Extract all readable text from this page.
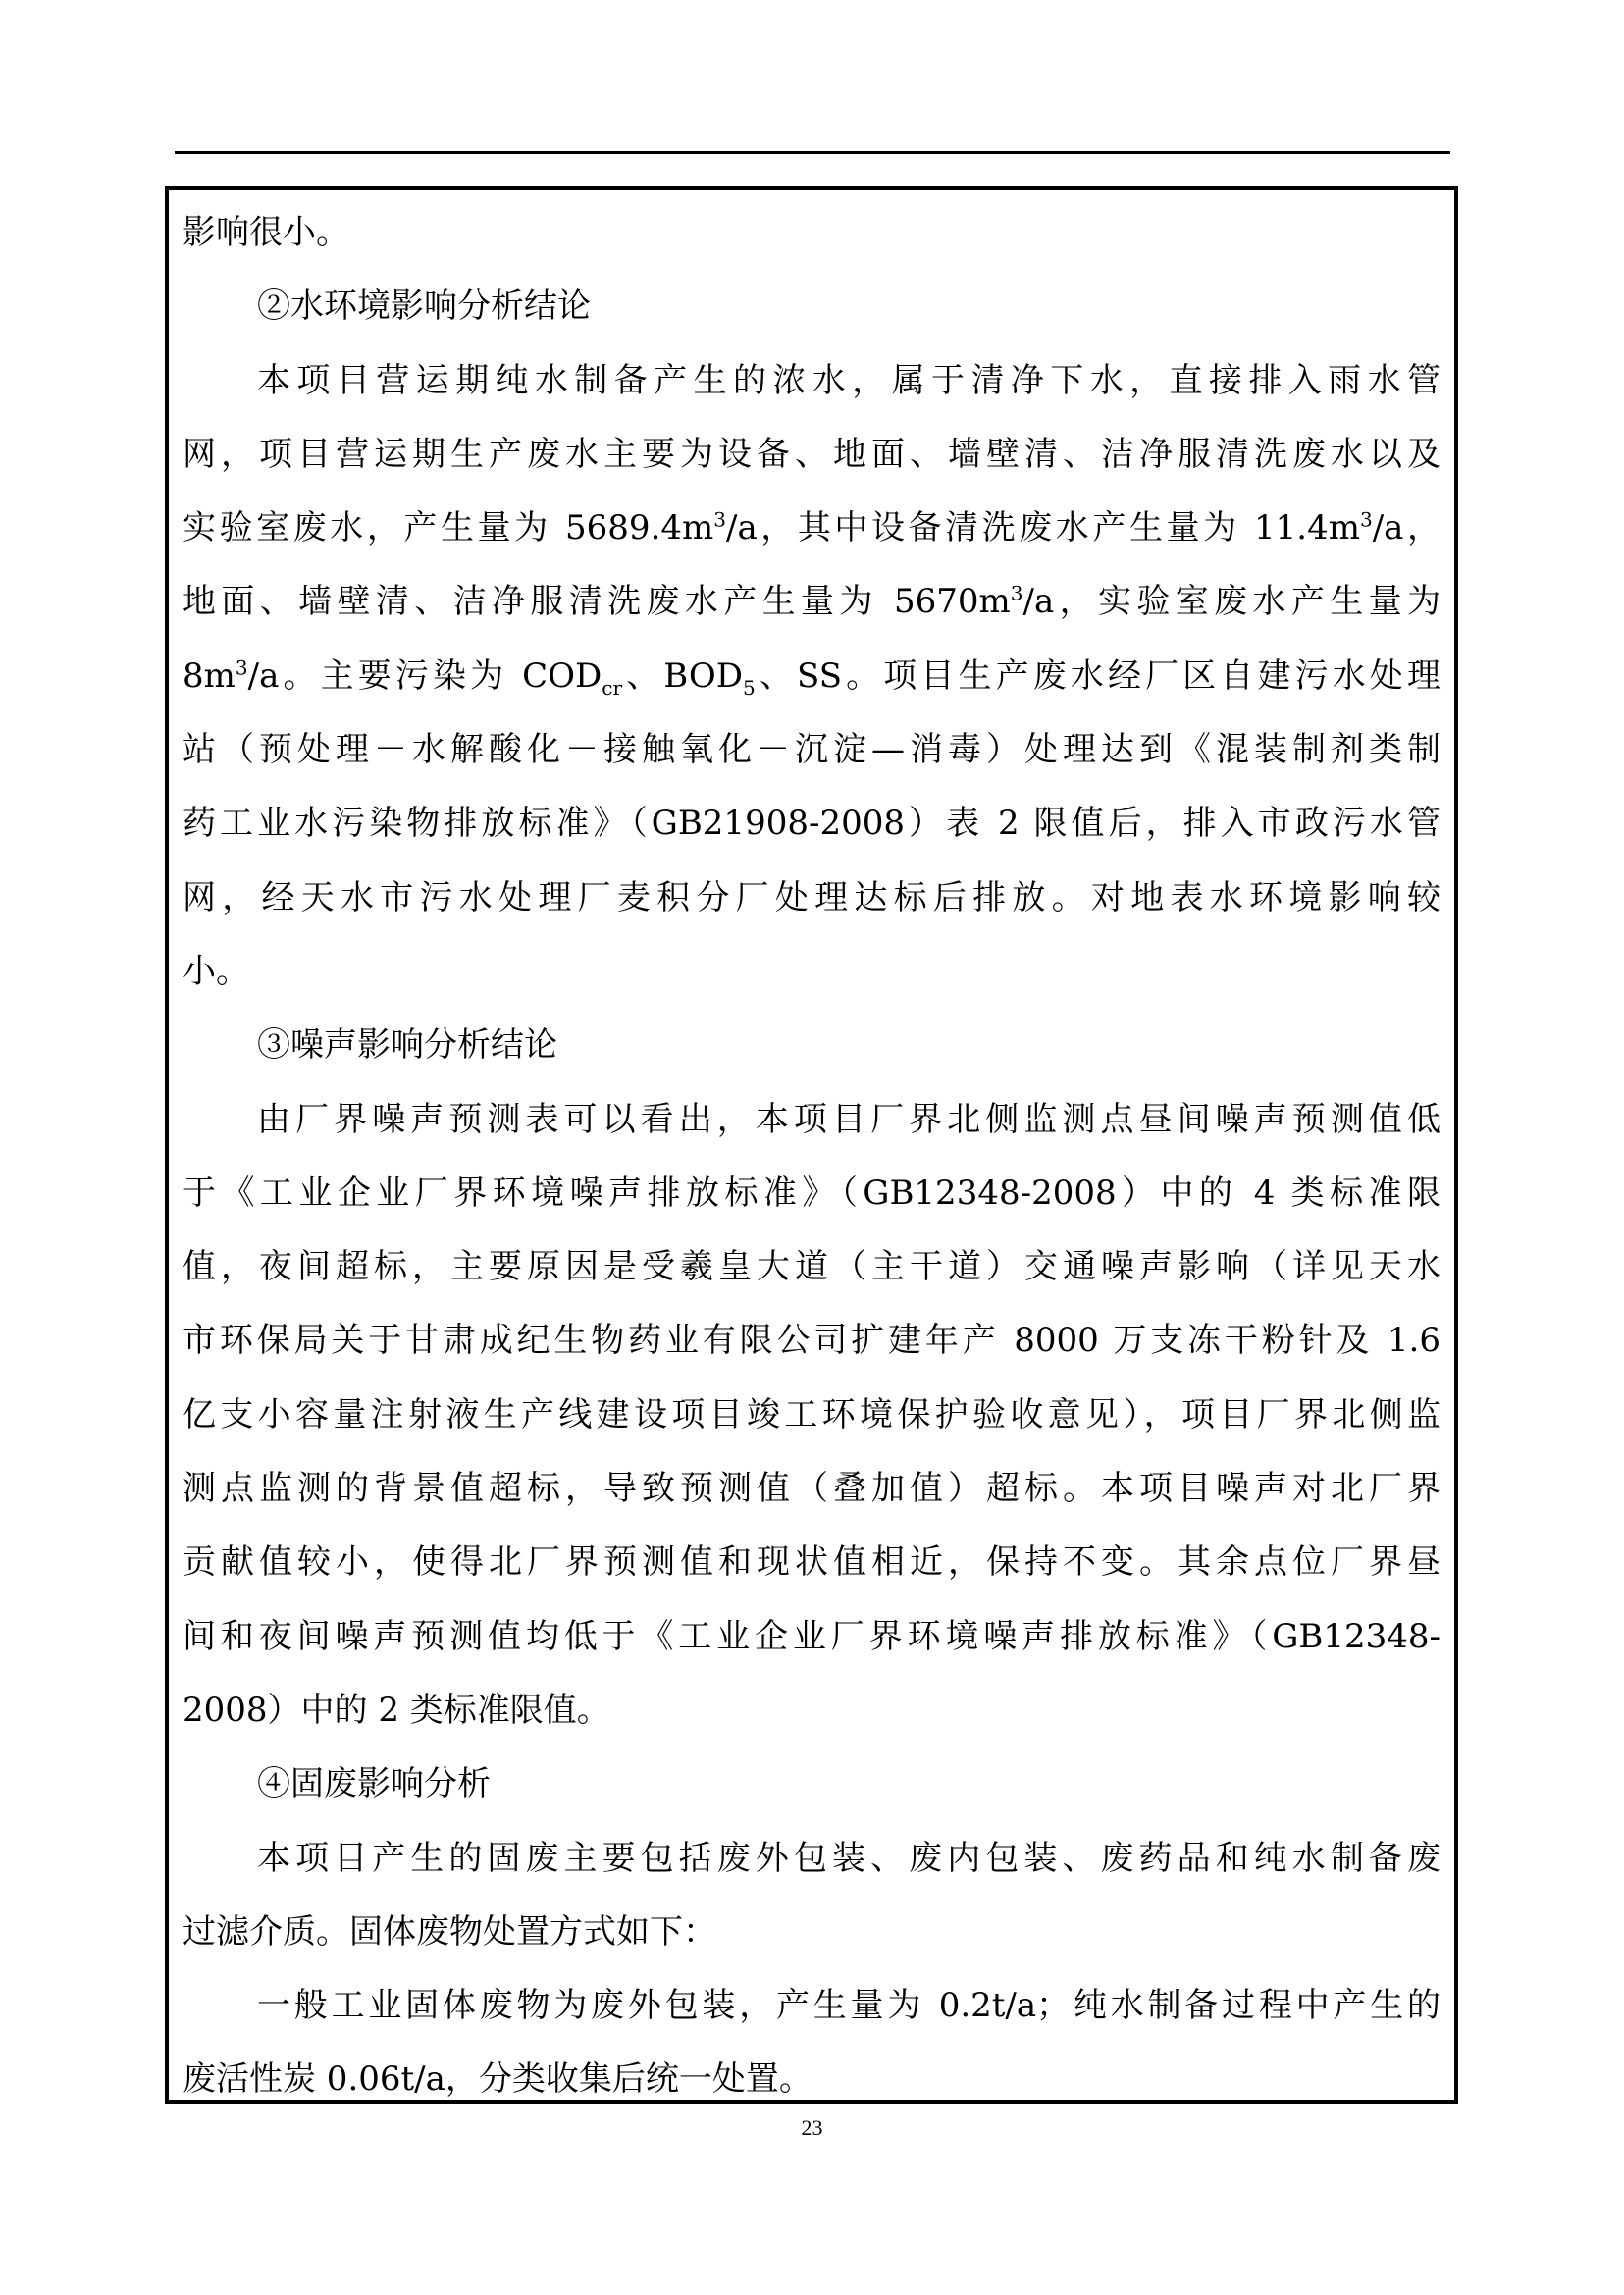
影响很小。
②水环境影响分析结论
本项目营运期纯水制备产生的浓水，属于清净下水，直接排入雨水管
网，项目营运期生产废水主要为设备、地面、墙壁清、洁净服清洗废水以及
实验室废水，产生量为 $5689.4m^3/a$，其中设备清洗废水产生量为 $11.4m^3/a$，
地面、墙壁清、洁净服清洗废水产生量为 $5670m^3/a$，实验室废水产生量为
$8m^3/a$。主要污染为 $COD_{cr}$、$BOD_5$、SS。项目生产废水经厂区自建污水处理
站（预处理－水解酸化－接触氧化－沉淀—消毒）处理达到《混装制剂类制
药工业水污染物排放标准》（GB21908-2008）表 2 限值后，排入市政污水管
网，经天水市污水处理厂麦积分厂处理达标后排放。对地表水环境影响较
小。
③噪声影响分析结论
由厂界噪声预测表可以看出，本项目厂界北侧监测点昼间噪声预测值低
于《工业企业厂界环境噪声排放标准》（GB12348-2008）中的 4 类标准限
值，夜间超标，主要原因是受羲皇大道（主干道）交通噪声影响（详见天水
市环保局关于甘肃成纪生物药业有限公司扩建年产 8000 万支冻干粉针及 1.6
亿支小容量注射液生产线建设项目竣工环境保护验收意见），项目厂界北侧监
测点监测的背景值超标，导致预测值（叠加值）超标。本项目噪声对北厂界
贡献值较小，使得北厂界预测值和现状值相近，保持不变。其余点位厂界昼
间和夜间噪声预测值均低于《工业企业厂界环境噪声排放标准》（GB12348-
2008）中的 2 类标准限值。
④固废影响分析
本项目产生的固废主要包括废外包装、废内包装、废药品和纯水制备废
过滤介质。固体废物处置方式如下：
一般工业固体废物为废外包装，产生量为 0.2t/a；纯水制备过程中产生的
废活性炭 0.06t/a，分类收集后统一处置。
23
